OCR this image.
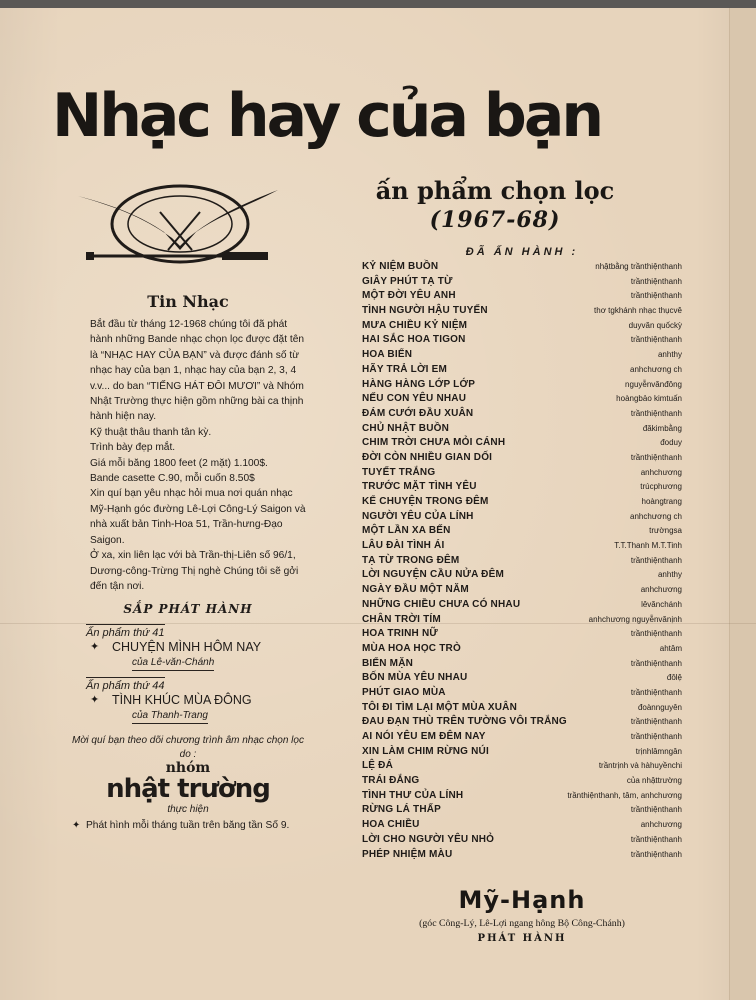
Nhạc hay của bạn
ấn phẩm chọn lọc
(1967-68)
Tin Nhạc

Bắt đầu từ tháng 12-1968 chúng tôi đã phát hành những Bande nhạc chọn lọc được đặt tên là “NHẠC HAY CỦA BẠN” và được đánh số từ nhạc hay của bạn 1, nhạc hay của bạn 2, 3, 4 v.v... do ban “TIẾNG HÁT ĐÔI MƯƠI” và Nhóm Nhật Trường thực hiện gồm những bài ca thịnh hành hiện nay.

Kỹ thuật thâu thanh tân kỳ.

Trình bày đẹp mắt.

Giá mỗi băng 1800 feet (2 mặt) 1.100$.

Bande casette C.90, mỗi cuốn 8.50$

Xin quí bạn yêu nhạc hỏi mua nơi quán nhạc Mỹ-Hạnh góc đường Lê-Lợi Công-Lý Saigon và nhà xuất bản Tinh-Hoa 51, Trần-hưng-Đạo Saigon.

Ở xa, xin liên lạc với bà Trần-thị-Liên số 96/1, Dương-công-Trừng Thị nghè Chúng tôi sẽ gởi đến tận nơi.

SẮP PHÁT HÀNH
Ấn phẩm thứ 41
✦ CHUYỆN MÌNH HÔM NAY
của Lê-văn-Chánh
Ấn phẩm thứ 44
✦ TÌNH KHÚC MÙA ĐÔNG
của Thanh-Trang
Mời quí bạn theo dõi chương trình âm nhạc chọn lọc do :
nhóm
nhật trường
thực hiện
✦ Phát hình mỗi tháng tuần trên băng tần Số 9.
ĐÃ ẤN HÀNH :
KỶ NIỆM BUỒN	nhậtbằng trầnthiệnthanh
GIÂY PHÚT TẠ TỪ	trầnthiệnthanh
MỘT ĐỜI YÊU ANH	trầnthiệnthanh
TÌNH NGƯỜI HẬU TUYẾN	thơ tgkhánh nhạc thụcvê
MƯA CHIỀU KỶ NIỆM	duyvăn quốckỳ
HAI SẮC HOA TIGON	trầnthiệnthanh
HOA BIỂN	anhthy
HÃY TRẢ LỜI EM	anhchương ch
HÀNG HÀNG LỚP LỚP	nguyễnvănđông
NẾU CON YÊU NHAU	hoàngbảo kimtuấn
ĐÁM CƯỚI ĐẦU XUÂN	trầnthiệnthanh
CHỦ NHẬT BUỒN	đăkimbằng
CHIM TRỜI CHƯA MỎI CÁNH	đoduy
ĐỜI CÒN NHIỀU GIAN DỐI	trầnthiệnthanh
TUYẾT TRẮNG	anhchương
TRƯỚC MẶT TÌNH YÊU	trúcphương
KỂ CHUYỆN TRONG ĐÊM	hoàngtrang
NGƯỜI YÊU CỦA LÍNH	anhchương ch
MỘT LẦN XA BẾN	trườngsa
LÂU ĐÀI TÌNH ÁI	T.T.Thanh M.T.Tinh
TẠ TỪ TRONG ĐÊM	trầnthiệnthanh
LỜI NGUYỆN CẦU NỬA ĐÊM	anhthy
NGÀY ĐẦU MỘT NĂM	anhchương
NHỮNG CHIỀU CHƯA CÓ NHAU	lêvănchánh
CHÂN TRỜI TÍM	anhchương nguyễnvănịnh
HOA TRINH NỮ	trầnthiệnthanh
MÙA HOA HỌC TRÒ	ahtâm
BIỂN MẶN	trầnthiệnthanh
BỐN MÙA YÊU NHAU	đôlệ
PHÚT GIAO MÙA	trầnthiệnthanh
TÔI ĐI TÌM LẠI MỘT MÙA XUÂN	đoànnguyên
ĐAU ĐẠN THÙ TRÊN TƯỜNG VÔI TRẮNG	trầnthiệnthanh
AI NÓI YÊU EM ĐÊM NAY	trầnthiệnthanh
XIN LÀM CHIM RỪNG NÚI	trịnhlâmngân
LỆ ĐÁ	trầntrịnh và hàhuyềnchi
TRÁI ĐẮNG	của nhậttrường
TÌNH THƯ CỦA LÍNH	trầnthiệnthanh, tâm, anhchương
RỪNG LÁ THẤP	trầnthiệnthanh
HOA CHIỀU	anhchương
LỜI CHO NGƯỜI YÊU NHỎ	trầnthiệnthanh
PHÉP NHIỆM MÀU	trầnthiệnthanh
Mỹ-Hạnh
(góc Công-Lý, Lê-Lợi ngang hông Bộ Công-Chánh)
PHÁT HÀNH
